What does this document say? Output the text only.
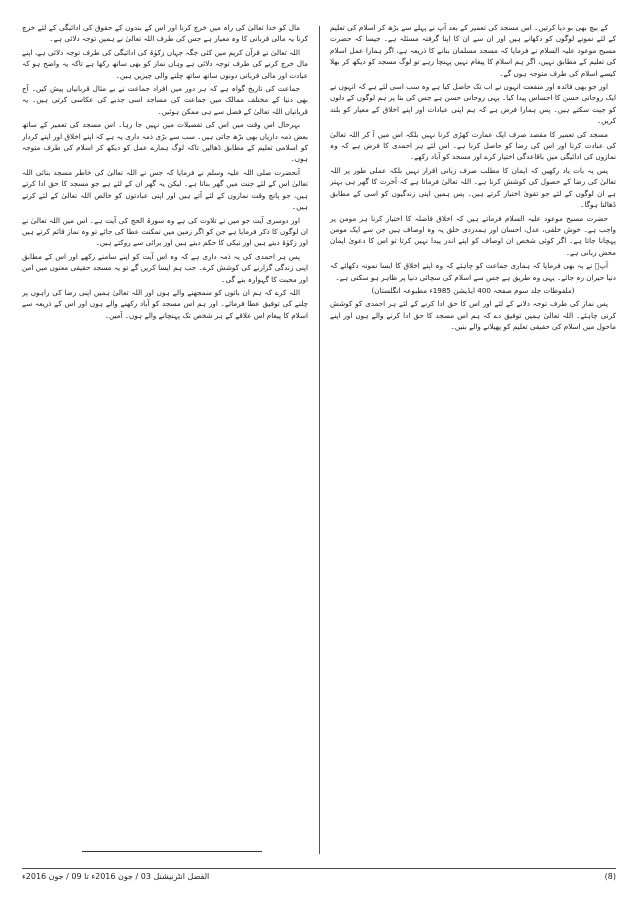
کے بیچ بھی بو دیا کرتیں۔ اس مسجد کی تعمیر کے بعد آپ نے پہلے سے بڑھ کر اسلام کی تعلیم کے لئے نمونے لوگوں کو دکھانے ہیں اور ان سے ان کا اپنا گرفتہ مسئلہ ہے۔ جیسا کہ حضرت مسیح موعود علیہ السلام نے فرمایا کہ مسجد مسلمان بنانے کا ذریعہ ہے، اگر ہمارا عمل اسلام کی تعلیم کے مطابق نہیں، اگر ہم اسلام کا پیغام نہیں پہنچا رہے تو لوگ مسجد کو دیکھ کر بھلا کیسے اسلام کی طرف متوجہ ہوں گے۔

اور جو بھی فائدہ اور منفعت انہوں نے اب تک حاصل کیا ہے وہ سب اسی لئے ہے کہ انہوں نے ایک روحانی حسن کا احساس پیدا کیا۔ یہی روحانی حسن ہے جس کی بنا پر ہم لوگوں کے دلوں کو جیت سکتے ہیں۔ پس ہمارا فرض ہے کہ ہم اپنی عبادات اور اپنے اخلاق کے معیار کو بلند کریں۔

مسجد کی تعمیر کا مقصد صرف ایک عمارت کھڑی کرنا نہیں بلکہ اس میں آ کر اللہ تعالیٰ کی عبادت کرنا اور اس کی رضا کو حاصل کرنا ہے۔ اس لئے ہر احمدی کا فرض ہے کہ وہ نمازوں کی ادائیگی میں باقاعدگی اختیار کرے اور مسجد کو آباد رکھے۔

پس یہ بات یاد رکھیں کہ ایمان کا مطلب صرف زبانی اقرار نہیں بلکہ عملی طور پر اللہ تعالیٰ کی رضا کے حصول کی کوشش کرنا ہے۔ اللہ تعالیٰ فرماتا ہے کہ آخرت کا گھر ہی بہتر ہے ان لوگوں کے لئے جو تقویٰ اختیار کرتے ہیں۔ پس ہمیں اپنی زندگیوں کو اسی کے مطابق ڈھالنا ہوگا۔

حضرت مسیح موعود علیہ السلام فرماتے ہیں کہ اخلاق فاضلہ کا اختیار کرنا ہر مومن پر واجب ہے۔ خوش خلقی، عدل، احسان اور ہمدردی خلق یہ وہ اوصاف ہیں جن سے ایک مومن پہچانا جاتا ہے۔ اگر کوئی شخص ان اوصاف کو اپنے اندر پیدا نہیں کرتا تو اس کا دعویٰ ایمان محض زبانی ہے۔

آپؑ نے یہ بھی فرمایا کہ ہماری جماعت کو چاہئے کہ وہ اپنے اخلاق کا ایسا نمونہ دکھائے کہ دنیا حیران رہ جائے۔ یہی وہ طریق ہے جس سے اسلام کی سچائی دنیا پر ظاہر ہو سکتی ہے۔

(ملفوظات جلد سوم صفحہ 400 ایڈیشن 1985ء مطبوعہ انگلستان)

پس نماز کی طرف توجہ دلانے کے لئے اور اس کا حق ادا کرنے کے لئے ہر احمدی کو کوشش کرنی چاہئے۔ اللہ تعالیٰ ہمیں توفیق دے کہ ہم اس مسجد کا حق ادا کرنے والے ہوں اور اپنے ماحول میں اسلام کی حقیقی تعلیم کو پھیلانے والے بنیں۔

مال کو خدا تعالیٰ کی راہ میں خرچ کرنا اور اس کے بندوں کے حقوق کی ادائیگی کے لئے خرچ کرنا یہ مالی قربانی کا وہ معیار ہے جس کی طرف اللہ تعالیٰ نے ہمیں توجہ دلائی ہے۔

اللہ تعالیٰ نے قرآن کریم میں کئی جگہ جہاں زکوٰۃ کی ادائیگی کی طرف توجہ دلائی ہے، اپنے مال خرچ کرنے کی طرف توجہ دلائی ہے وہاں نماز کو بھی ساتھ رکھا ہے تاکہ یہ واضح ہو کہ عبادت اور مالی قربانی دونوں ساتھ ساتھ چلنے والی چیزیں ہیں۔

جماعت کی تاریخ گواہ ہے کہ ہر دور میں افراد جماعت نے بے مثال قربانیاں پیش کیں۔ آج بھی دنیا کے مختلف ممالک میں جماعت کی مساجد اسی جذبے کی عکاسی کرتی ہیں۔ یہ قربانیاں اللہ تعالیٰ کے فضل سے ہی ممکن ہوئیں۔

بہرحال اس وقت میں اس کی تفصیلات میں نہیں جا رہا۔ اس مسجد کی تعمیر کے ساتھ بعض ذمہ داریاں بھی بڑھ جاتی ہیں۔ سب سے بڑی ذمہ داری یہ ہے کہ اپنے اخلاق اور اپنے کردار کو اسلامی تعلیم کے مطابق ڈھالیں تاکہ لوگ ہمارے عمل کو دیکھ کر اسلام کی طرف متوجہ ہوں۔

آنحضرت صلی اللہ علیہ وسلم نے فرمایا کہ جس نے اللہ تعالیٰ کی خاطر مسجد بنائی اللہ تعالیٰ اس کے لئے جنت میں گھر بناتا ہے۔ لیکن یہ گھر ان کے لئے ہے جو مسجد کا حق ادا کرتے ہیں، جو پانچ وقت نمازوں کے لئے آتے ہیں اور اپنی عبادتوں کو خالص اللہ تعالیٰ کے لئے کرتے ہیں۔

اور دوسری آیت جو میں نے تلاوت کی ہے وہ سورۃ الحج کی آیت ہے۔ اس میں اللہ تعالیٰ نے ان لوگوں کا ذکر فرمایا ہے جن کو اگر زمین میں تمکنت عطا کی جائے تو وہ نماز قائم کرتے ہیں اور زکوٰۃ دیتے ہیں اور نیکی کا حکم دیتے ہیں اور برائی سے روکتے ہیں۔

پس ہر احمدی کی یہ ذمہ داری ہے کہ وہ اس آیت کو اپنے سامنے رکھے اور اس کے مطابق اپنی زندگی گزارنے کی کوشش کرے۔ جب ہم ایسا کریں گے تو یہ مسجد حقیقی معنوں میں امن اور محبت کا گہوارہ بنے گی۔

اللہ کرے کہ ہم ان باتوں کو سمجھنے والے ہوں اور اللہ تعالیٰ ہمیں اپنی رضا کی راہوں پر چلنے کی توفیق عطا فرمائے۔ اور ہم اس مسجد کو آباد رکھنے والے ہوں اور اس کے ذریعہ سے اسلام کا پیغام اس علاقے کے ہر شخص تک پہنچانے والے ہوں۔ آمین۔

(8)
الفضل انٹرنیشنل 03 / جون 2016ء تا 09 / جون 2016ء
